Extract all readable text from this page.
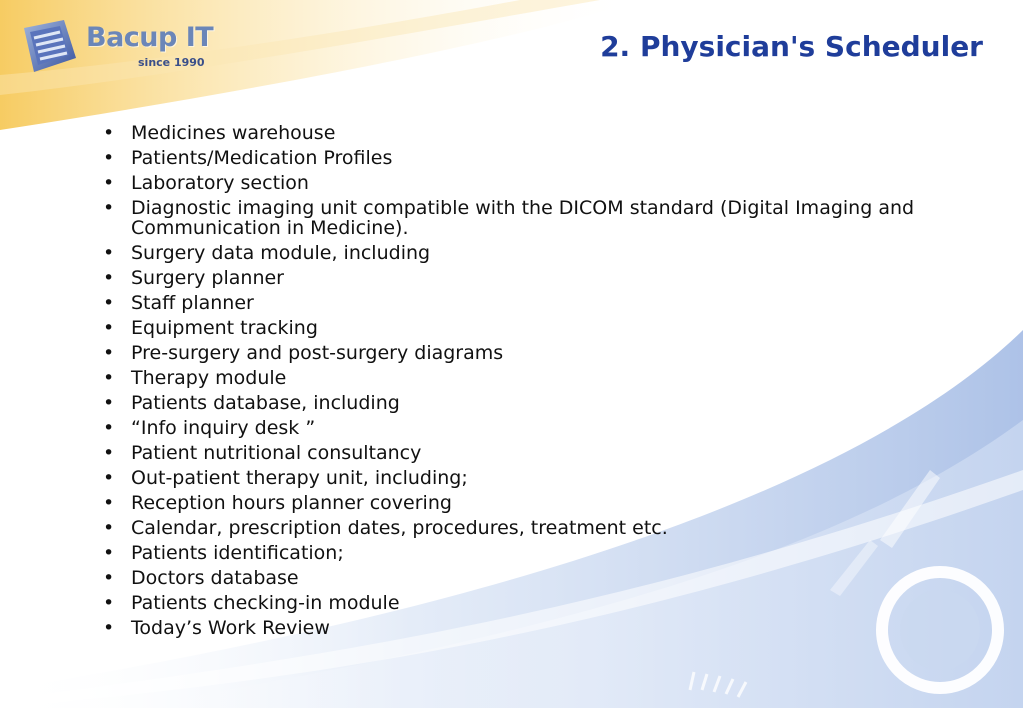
Bacup IT
since 1990	2. Physician's Scheduler
• Medicines warehouse
• Patients/Medication Profiles
• Laboratory section
• Diagnostic imaging unit compatible with the DICOM standard (Digital Imaging and Communication in Medicine).
• Surgery data module, including
• Surgery planner
• Staff planner
• Equipment tracking
• Pre-surgery and post-surgery diagrams
• Therapy module
• Patients database, including
• “Info inquiry desk ”
• Patient nutritional consultancy
• Out-patient therapy unit, including;
• Reception hours planner covering
• Calendar, prescription dates, procedures, treatment etc.
• Patients identification;
• Doctors database
• Patients checking-in module
• Today’s Work Review
